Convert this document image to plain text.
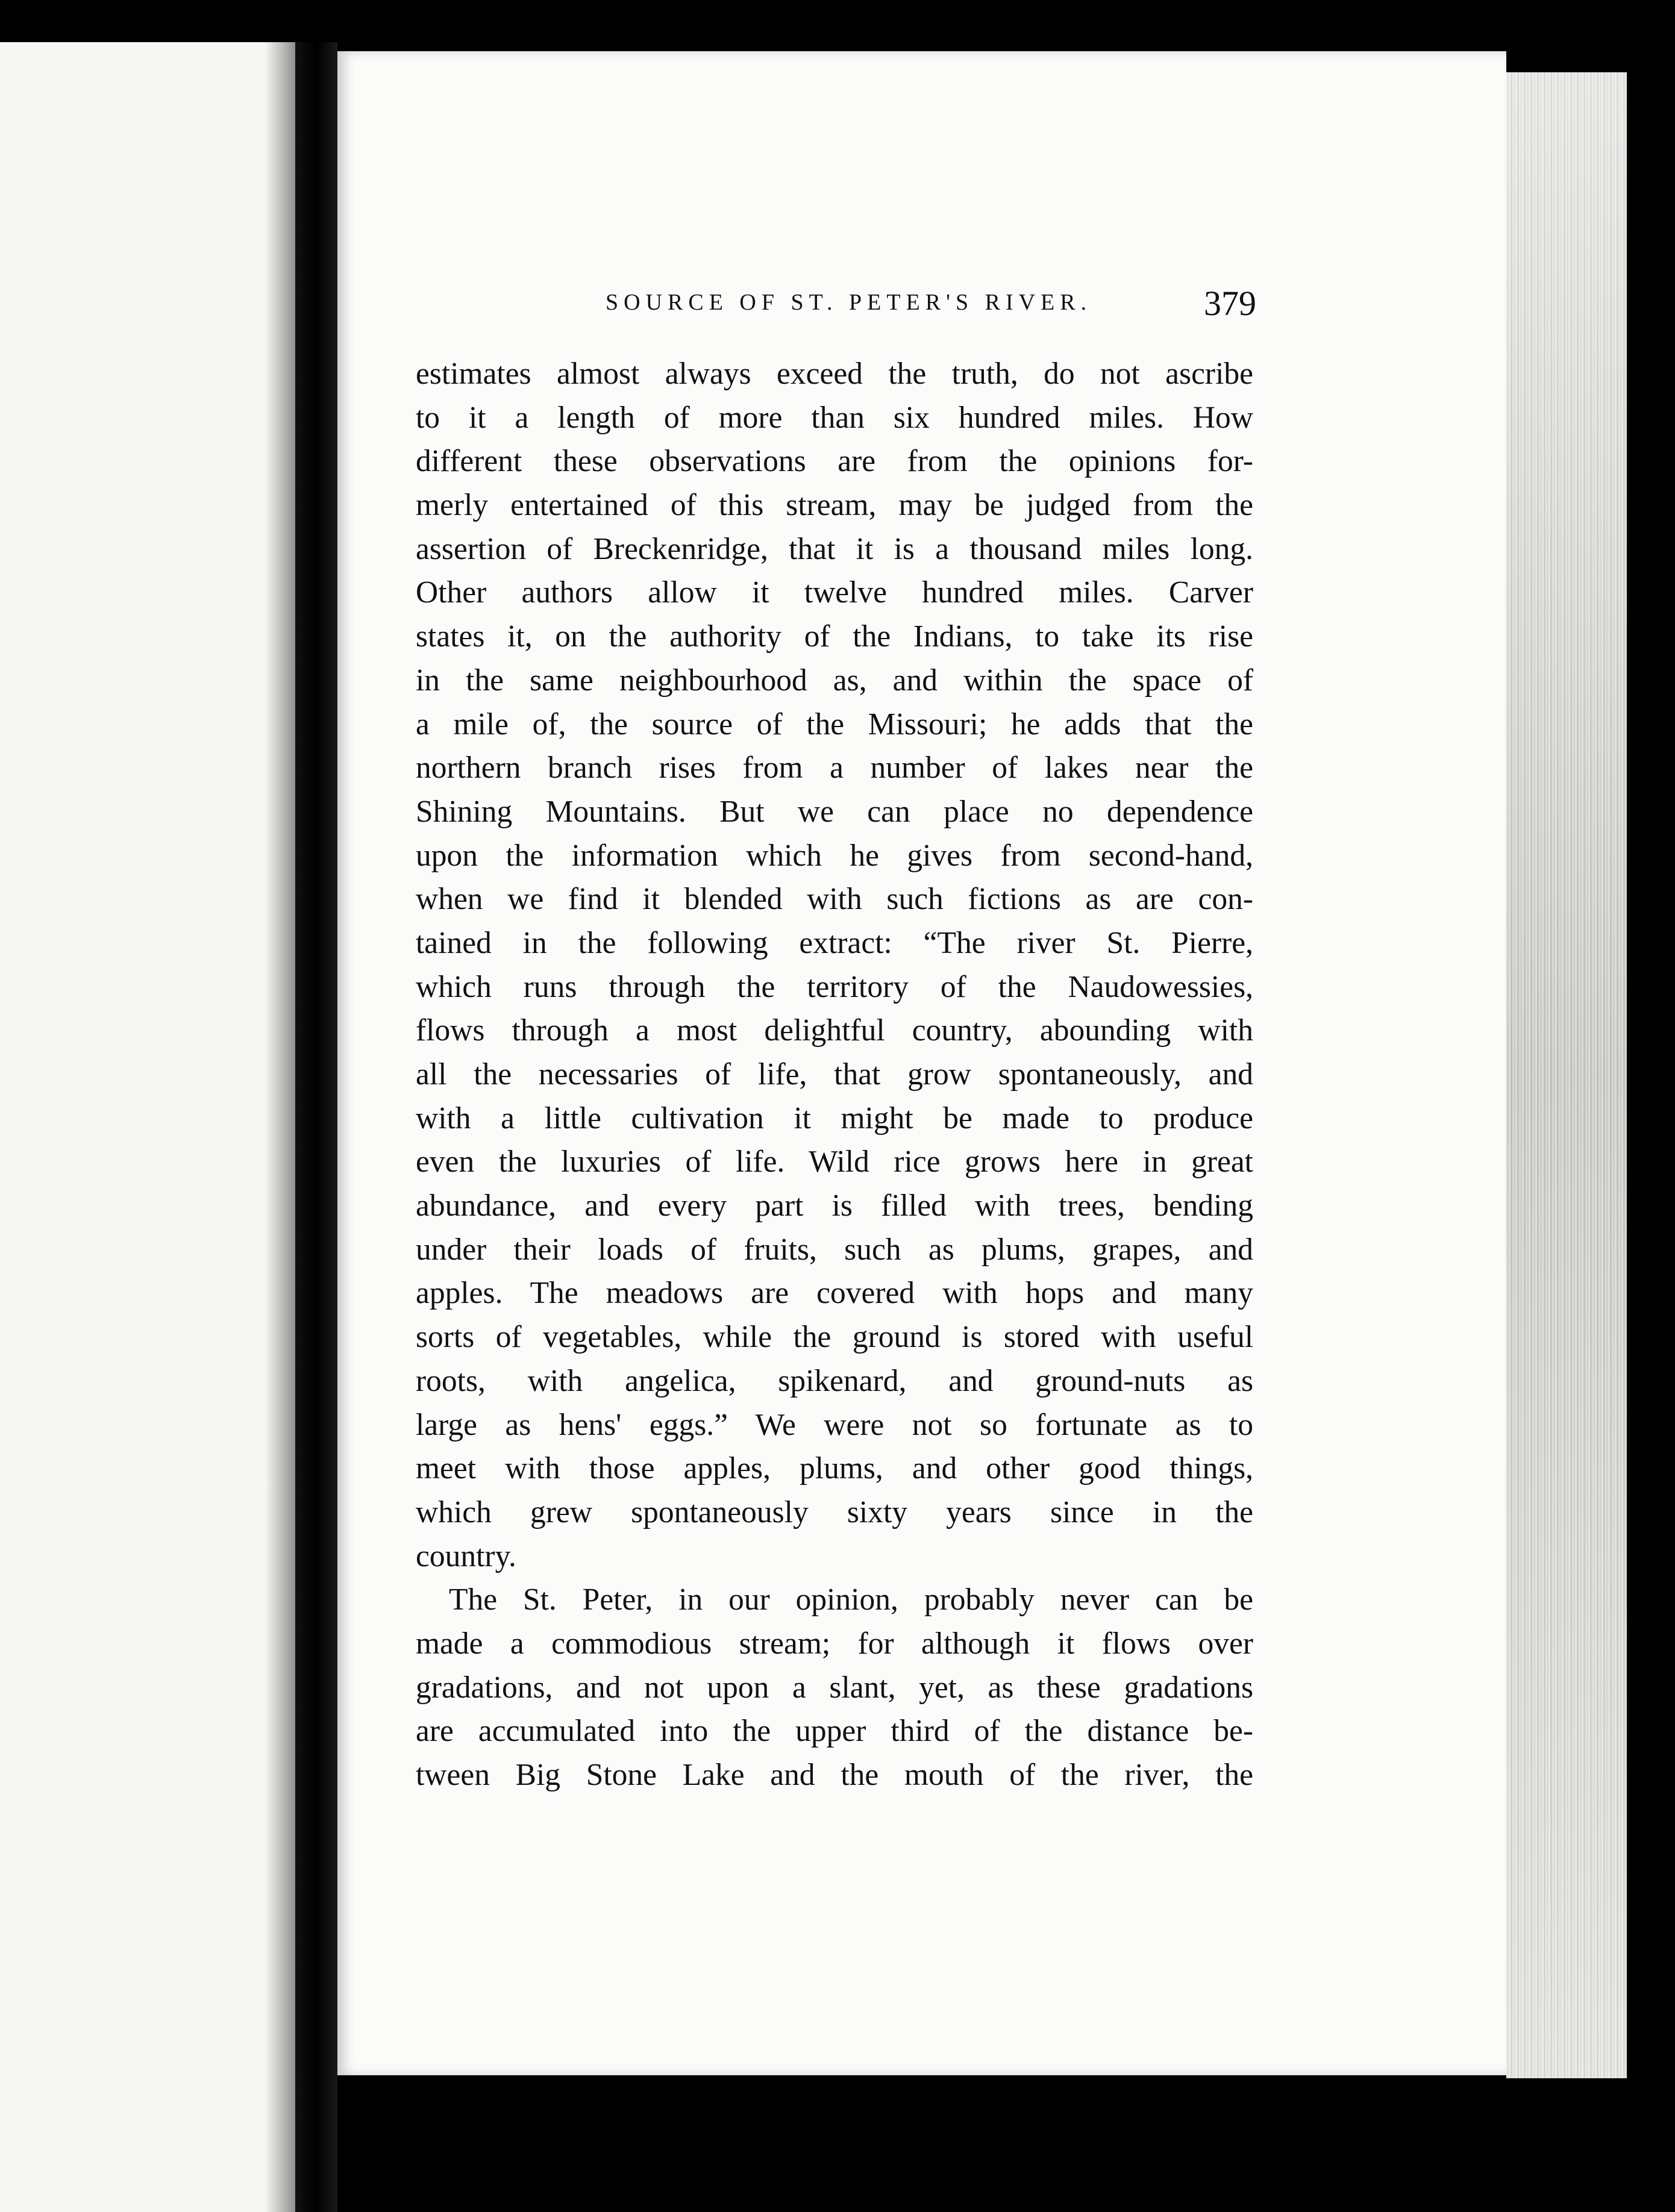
SOURCE OF ST. PETER'S RIVER.	379
estimates almost always exceed the truth, do not ascribe
to it a length of more than six hundred miles. How
different these observations are from the opinions for-
merly entertained of this stream, may be judged from the
assertion of Breckenridge, that it is a thousand miles long.
Other authors allow it twelve hundred miles. Carver
states it, on the authority of the Indians, to take its rise
in the same neighbourhood as, and within the space of
a mile of, the source of the Missouri; he adds that the
northern branch rises from a number of lakes near the
Shining Mountains. But we can place no dependence
upon the information which he gives from second-hand,
when we find it blended with such fictions as are con-
tained in the following extract: “The river St. Pierre,
which runs through the territory of the Naudowessies,
flows through a most delightful country, abounding with
all the necessaries of life, that grow spontaneously, and
with a little cultivation it might be made to produce
even the luxuries of life. Wild rice grows here in great
abundance, and every part is filled with trees, bending
under their loads of fruits, such as plums, grapes, and
apples. The meadows are covered with hops and many
sorts of vegetables, while the ground is stored with useful
roots, with angelica, spikenard, and ground-nuts as
large as hens' eggs.” We were not so fortunate as to
meet with those apples, plums, and other good things,
which grew spontaneously sixty years since in the
country.
The St. Peter, in our opinion, probably never can be
made a commodious stream; for although it flows over
gradations, and not upon a slant, yet, as these gradations
are accumulated into the upper third of the distance be-
tween Big Stone Lake and the mouth of the river, the
